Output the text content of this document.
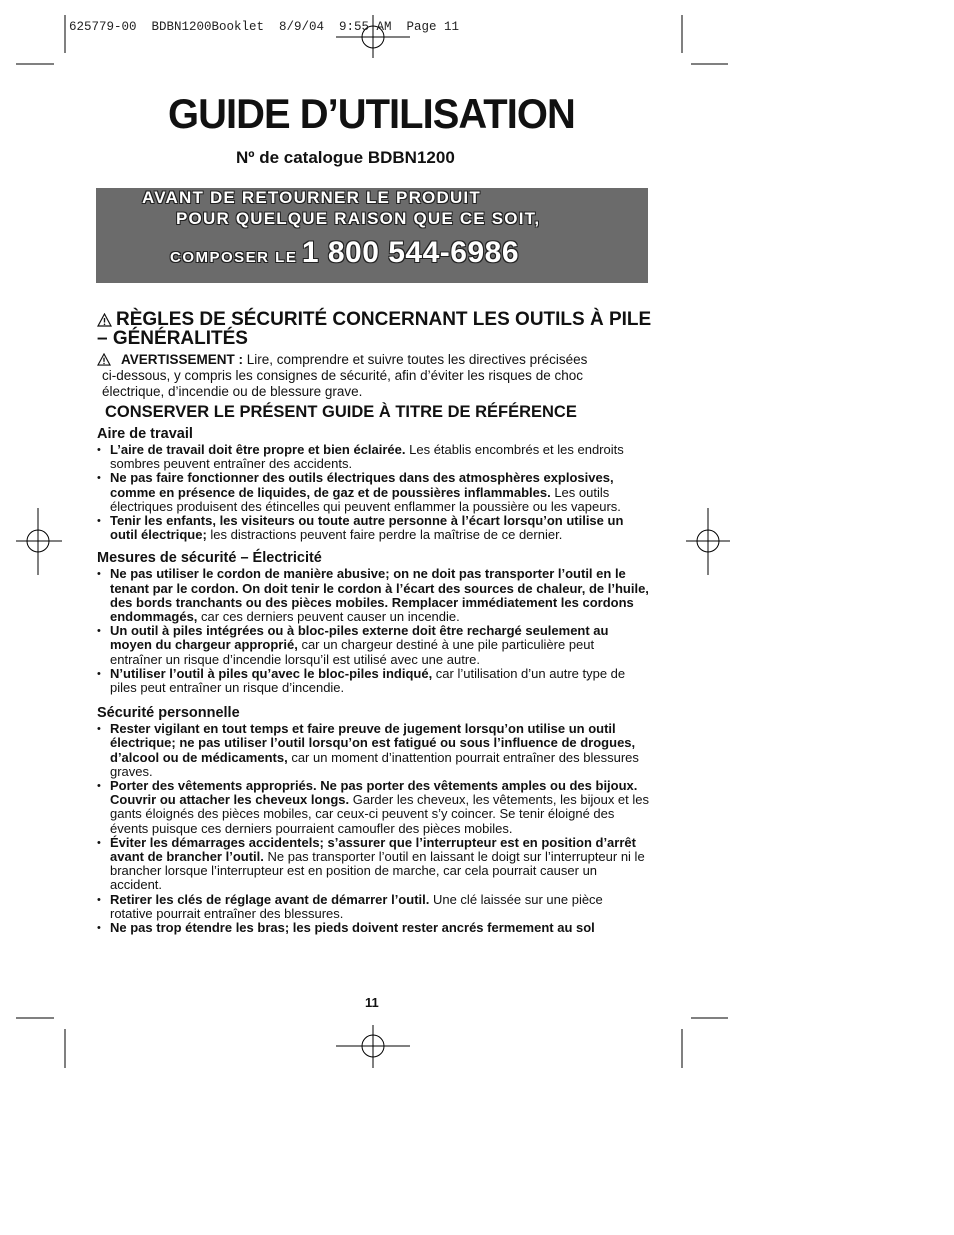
625779-00  BDBN1200Booklet  8/9/04  9:55 AM  Page 11
GUIDE D’UTILISATION
Nº de catalogue BDBN1200
AVANT DE RETOURNER LE PRODUIT
POUR QUELQUE RAISON QUE CE SOIT,
COMPOSER LE 1 800 544-6986
RÈGLES DE SÉCURITÉ CONCERNANT LES OUTILS À PILE – GÉNÉRALITÉS
AVERTISSEMENT : Lire, comprendre et suivre toutes les directives précisées
ci-dessous, y compris les consignes de sécurité, afin d’éviter les risques de choc
électrique, d’incendie ou de blessure grave.
CONSERVER LE PRÉSENT GUIDE À TITRE DE RÉFÉRENCE
Aire de travail
• L’aire de travail doit être propre et bien éclairée. Les établis encombrés et les endroits sombres peuvent entraîner des accidents.
• Ne pas faire fonctionner des outils électriques dans des atmosphères explosives, comme en présence de liquides, de gaz et de poussières inflammables. Les outils électriques produisent des étincelles qui peuvent enflammer la poussière ou les vapeurs.
• Tenir les enfants, les visiteurs ou toute autre personne à l’écart lorsqu’on utilise un outil électrique; les distractions peuvent faire perdre la maîtrise de ce dernier.
Mesures de sécurité – Électricité
• Ne pas utiliser le cordon de manière abusive; on ne doit pas transporter l’outil en le tenant par le cordon. On doit tenir le cordon à l’écart des sources de chaleur, de l’huile, des bords tranchants ou des pièces mobiles. Remplacer immédiatement les cordons endommagés, car ces derniers peuvent causer un incendie.
• Un outil à piles intégrées ou à bloc-piles externe doit être rechargé seulement au moyen du chargeur approprié, car un chargeur destiné à une pile particulière peut entraîner un risque d’incendie lorsqu’il est utilisé avec une autre.
• N’utiliser l’outil à piles qu’avec le bloc-piles indiqué, car l’utilisation d’un autre type de piles peut entraîner un risque d’incendie.
Sécurité personnelle
• Rester vigilant en tout temps et faire preuve de jugement lorsqu’on utilise un outil électrique; ne pas utiliser l’outil lorsqu’on est fatigué ou sous l’influence de drogues, d’alcool ou de médicaments, car un moment d’inattention pourrait entraîner des blessures graves.
• Porter des vêtements appropriés. Ne pas porter des vêtements amples ou des bijoux. Couvrir ou attacher les cheveux longs. Garder les cheveux, les vêtements, les bijoux et les gants éloignés des pièces mobiles, car ceux-ci peuvent s’y coincer. Se tenir éloigné des évents puisque ces derniers pourraient camoufler des pièces mobiles.
• Éviter les démarrages accidentels; s’assurer que l’interrupteur est en position d’arrêt avant de brancher l’outil. Ne pas transporter l’outil en laissant le doigt sur l’interrupteur ni le brancher lorsque l’interrupteur est en position de marche, car cela pourrait causer un accident.
• Retirer les clés de réglage avant de démarrer l’outil. Une clé laissée sur une pièce rotative pourrait entraîner des blessures.
• Ne pas trop étendre les bras; les pieds doivent rester ancrés fermement au sol
11
